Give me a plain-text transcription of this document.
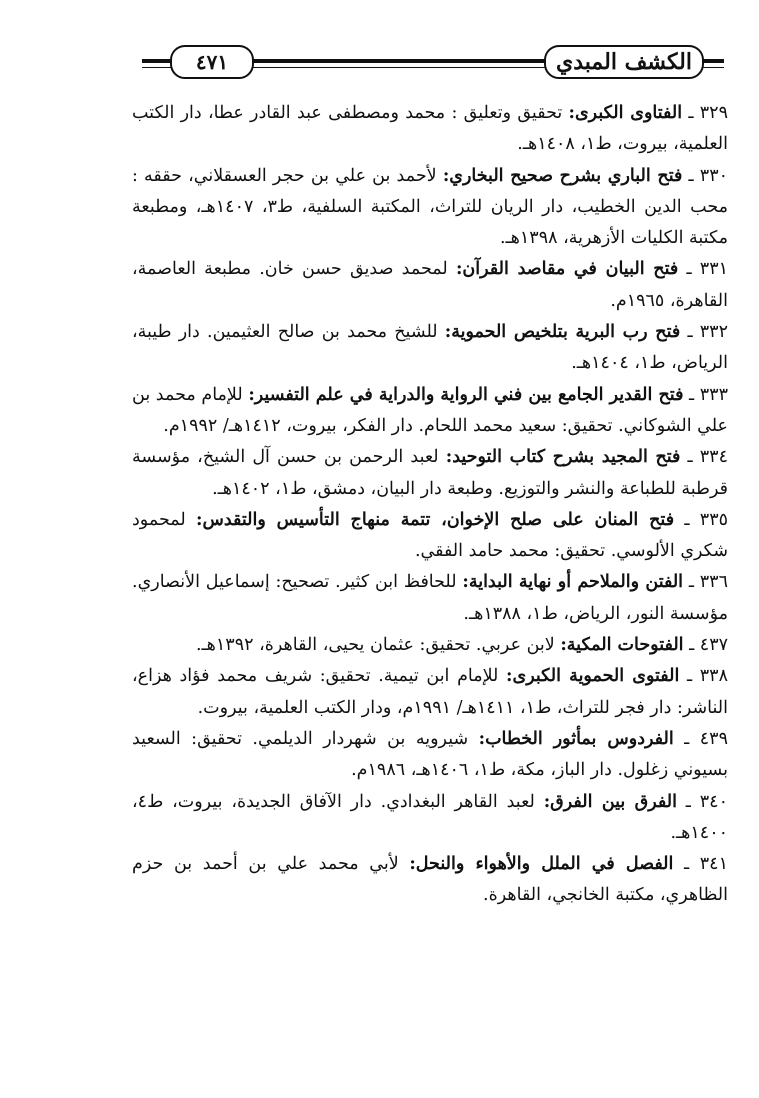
الكشف المبدي
٤٧١

٣٢٩ ـ الفتاوى الكبرى: تحقيق وتعليق : محمد ومصطفى عبد القادر عطا، دار الكتب العلمية، بيروت، ط١، ١٤٠٨هـ.

٣٣٠ ـ فتح الباري بشرح صحيح البخاري: لأحمد بن علي بن حجر العسقلاني، حققه : محب الدين الخطيب، دار الريان للتراث، المكتبة السلفية، ط٣، ١٤٠٧هـ، ومطبعة مكتبة الكليات الأزهرية، ١٣٩٨هـ.

٣٣١ ـ فتح البيان في مقاصد القرآن: لمحمد صديق حسن خان. مطبعة العاصمة، القاهرة، ١٩٦٥م.

٣٣٢ ـ فتح رب البرية بتلخيص الحموية: للشيخ محمد بن صالح العثيمين. دار طيبة، الرياض، ط١، ١٤٠٤هـ.

٣٣٣ ـ فتح القدير الجامع بين فني الرواية والدراية في علم التفسير: للإمام محمد بن علي الشوكاني. تحقيق: سعيد محمد اللحام. دار الفكر، بيروت، ١٤١٢هـ/ ١٩٩٢م.

٣٣٤ ـ فتح المجيد بشرح كتاب التوحيد: لعبد الرحمن بن حسن آل الشيخ، مؤسسة قرطبة للطباعة والنشر والتوزيع. وطبعة دار البيان، دمشق، ط١، ١٤٠٢هـ.

٣٣٥ ـ فتح المنان على صلح الإخوان، تتمة منهاج التأسيس والتقدس: لمحمود شكري الألوسي. تحقيق: محمد حامد الفقي.

٣٣٦ ـ الفتن والملاحم أو نهاية البداية: للحافظ ابن كثير. تصحيح: إسماعيل الأنصاري. مؤسسة النور، الرياض، ط١، ١٣٨٨هـ.

٤٣٧ ـ الفتوحات المكية: لابن عربي. تحقيق: عثمان يحيى، القاهرة، ١٣٩٢هـ.

٣٣٨ ـ الفتوى الحموية الكبرى: للإمام ابن تيمية. تحقيق: شريف محمد فؤاد هزاع، الناشر: دار فجر للتراث، ط١، ١٤١١هـ/ ١٩٩١م، ودار الكتب العلمية، بيروت.

٤٣٩ ـ الفردوس بمأثور الخطاب: شيرويه بن شهردار الديلمي. تحقيق: السعيد بسيوني زغلول. دار الباز، مكة، ط١، ١٤٠٦هـ، ١٩٨٦م.

٣٤٠ ـ الفرق بين الفرق: لعبد القاهر البغدادي. دار الآفاق الجديدة، بيروت، ط٤، ١٤٠٠هـ.

٣٤١ ـ الفصل في الملل والأهواء والنحل: لأبي محمد علي بن أحمد بن حزم الظاهري، مكتبة الخانجي، القاهرة.
